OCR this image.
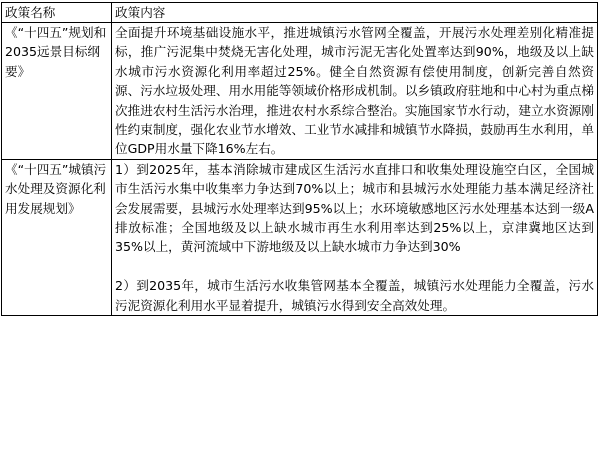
政策名称	政策内容
《“十四五”规划和2035远景目标纲要》	全面提升环境基础设施水平，推进城镇污水管网全覆盖，开展污水处理差别化精准提标，推广污泥集中焚烧无害化处理，城市污泥无害化处置率达到90%，地级及以上缺水城市污水资源化利用率超过25%。健全自然资源有偿使用制度，创新完善自然资源、污水垃圾处理、用水用能等领域价格形成机制。以乡镇政府驻地和中心村为重点梯次推进农村生活污水治理，推进农村水系综合整治。实施国家节水行动，建立水资源刚性约束制度，强化农业节水增效、工业节水减排和城镇节水降损，鼓励再生水利用，单位GDP用水量下降16%左右。

《“十四五”城镇污水处理及资源化利用发展规划》	1）到2025年，基本消除城市建成区生活污水直排口和收集处理设施空白区，全国城市生活污水集中收集率力争达到70%以上；城市和县城污水处理能力基本满足经济社会发展需要，县城污水处理率达到95%以上；水环境敏感地区污水处理基本达到一级A排放标准；全国地级及以上缺水城市再生水利用率达到25%以上，京津冀地区达到35%以上，黄河流域中下游地级及以上缺水城市力争达到30%

2）到2035年，城市生活污水收集管网基本全覆盖，城镇污水处理能力全覆盖，污水污泥资源化利用水平显着提升，城镇污水得到安全高效处理。
